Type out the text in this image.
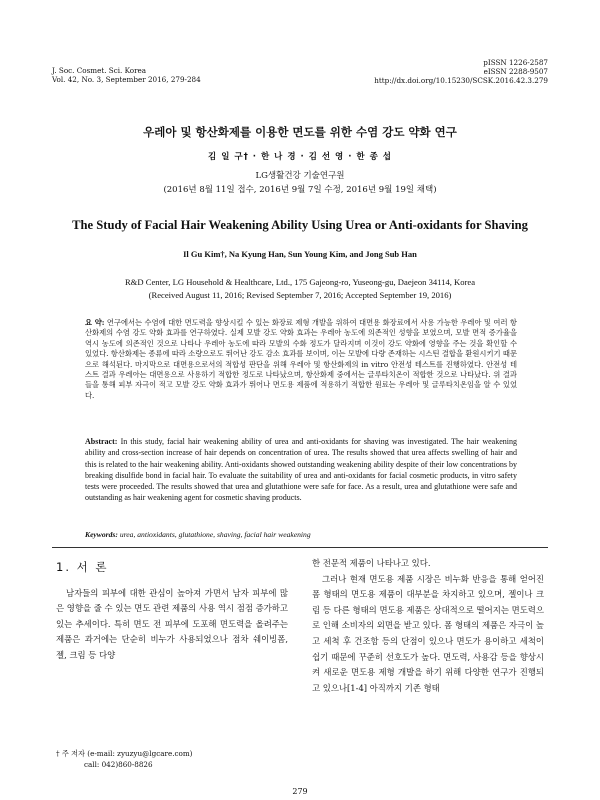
J. Soc. Cosmet. Sci. Korea
Vol. 42, No. 3, September 2016, 279-284
pISSN 1226-2587
eISSN 2288-9507
http://dx.doi.org/10.15230/SCSK.2016.42.3.279
우레아 및 항산화제를 이용한 면도를 위한 수염 강도 약화 연구
김 일 구† · 한 나 경 · 김 선 영 · 한 종 섭
LG생활건강 기술연구원
(2016년 8월 11일 접수, 2016년 9월 7일 수정, 2016년 9월 19일 채택)
The Study of Facial Hair Weakening Ability Using Urea or Anti-oxidants for Shaving
Il Gu Kim†, Na Kyung Han, Sun Young Kim, and Jong Sub Han
R&D Center, LG Household & Healthcare, Ltd., 175 Gajeong-ro, Yuseong-gu, Daejeon 34114, Korea
(Received August 11, 2016; Revised September 7, 2016; Accepted September 19, 2016)
요 약: 연구에서는 수염에 대한 면도력을 향상시킬 수 있는 화장료 제형 개발을 위하여 대면용 화장료에서 사용 가능한 우레아 및 여러 항산화제의 수염 강도 약화 효과를 연구하였다. 실제 모발 강도 약화 효과는 우레아 농도에 의존적인 성향을 보였으며, 모발 면적 증가율을 역시 농도에 의존적인 것으로 나타나 우레아 농도에 따라 모발의 수화 정도가 달라지며 이것이 강도 약화에 영향을 주는 것을 확인할 수 있었다. 항산화제는 종류에 따라 소량으로도 뛰어난 강도 감소 효과를 보이며, 이는 모발에 다량 존재하는 시스틴 결합을 환원시키기 때문으로 해석된다. 마지막으로 대면용으로서의 적합성 판단을 위해 우레아 및 항산화제의 in vitro 안전성 테스트를 진행하였다. 안전성 테스트 결과 우레아는 대면용으로 사용하기 적합한 정도로 나타났으며, 항산화제 중에서는 글루타치온이 적합한 것으로 나타났다. 위 결과들을 통해 피부 자극이 적고 모발 강도 약화 효과가 뛰어나 면도용 제품에 적용하기 적합한 원료는 우레아 및 글루타치온임을 알 수 있었다.
Abstract: In this study, facial hair weakening ability of urea and anti-oxidants for shaving was investigated. The hair weakening ability and cross-section increase of hair depends on concentration of urea. The results showed that urea affects swelling of hair and this is related to the hair weakening ability. Anti-oxidants showed outstanding weakening ability despite of their low concentrations by breaking disulfide bond in facial hair. To evaluate the suitability of urea and anti-oxidants for facial cosmetic products, in vitro safety tests were proceeded. The results showed that urea and glutathione were safe for face. As a result, urea and glutathione were safe and outstanding as hair weakening agent for cosmetic shaving products.
Keywords: urea, antioxidants, glutathione, shaving, facial hair weakening
1. 서 론

남자들의 피부에 대한 관심이 높아져 가면서 남자 피부에 많은 영향을 줄 수 있는 면도 관련 제품의 사용 역시 점점 증가하고 있는 추세이다. 특히 면도 전 피부에 도포해 면도력을 올려주는 제품은 과거에는 단순히 비누가 사용되었으나 점차 쉐이빙폼, 젤, 크림 등 다양

한 전문적 제품이 나타나고 있다.

그러나 현재 면도용 제품 시장은 비누화 반응을 통해 얻어진 폼 형태의 면도용 제품이 대부분을 차지하고 있으며, 젤이나 크림 등 다른 형태의 면도용 제품은 상대적으로 떨어지는 면도력으로 인해 소비자의 외면을 받고 있다. 폼 형태의 제품은 자극이 높고 세척 후 건조함 등의 단점이 있으나 면도가 용이하고 세척이 쉽기 때문에 꾸준히 선호도가 높다. 면도력, 사용감 등을 향상시켜 새로운 면도용 제형 개발을 하기 위해 다양한 연구가 진행되고 있으나[1-4] 아직까지 기존 형태

† 주 저자 (e-mail: zyuzyu@lgcare.com)
call: 042)860-8826
279
